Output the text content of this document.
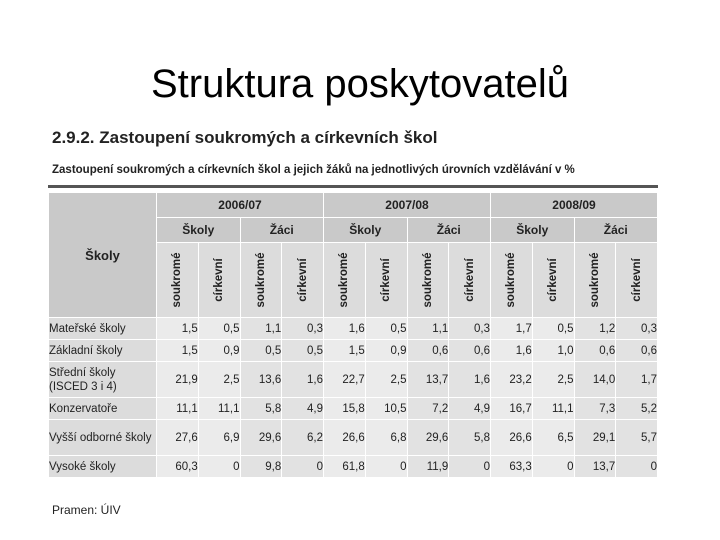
Struktura poskytovatelů
2.9.2. Zastoupení soukromých a církevních škol
Zastoupení soukromých a církevních škol a jejich žáků na jednotlivých úrovních vzdělávání v %
Školy	2006/07				2007/08				2008/09			
	Školy		Žáci		Školy		Žáci		Školy		Žáci	

	soukromé	církevní	soukromé	církevní	soukromé	církevní	soukromé	církevní	soukromé	církevní	soukromé	církevní

Mateřské školy	1,5	0,5	1,1	0,3	1,6	0,5	1,1	0,3	1,7	0,5	1,2	0,3
Základní školy	1,5	0,9	0,5	0,5	1,5	0,9	0,6	0,6	1,6	1,0	0,6	0,6
Střední školy (ISCED 3 i 4)	21,9	2,5	13,6	1,6	22,7	2,5	13,7	1,6	23,2	2,5	14,0	1,7
Konzervatoře	11,1	11,1	5,8	4,9	15,8	10,5	7,2	4,9	16,7	11,1	7,3	5,2
Vyšší odborné školy	27,6	6,9	29,6	6,2	26,6	6,8	29,6	5,8	26,6	6,5	29,1	5,7
Vysoké školy	60,3	0	9,8	0	61,8	0	11,9	0	63,3	0	13,7	0
Pramen: ÚIV
